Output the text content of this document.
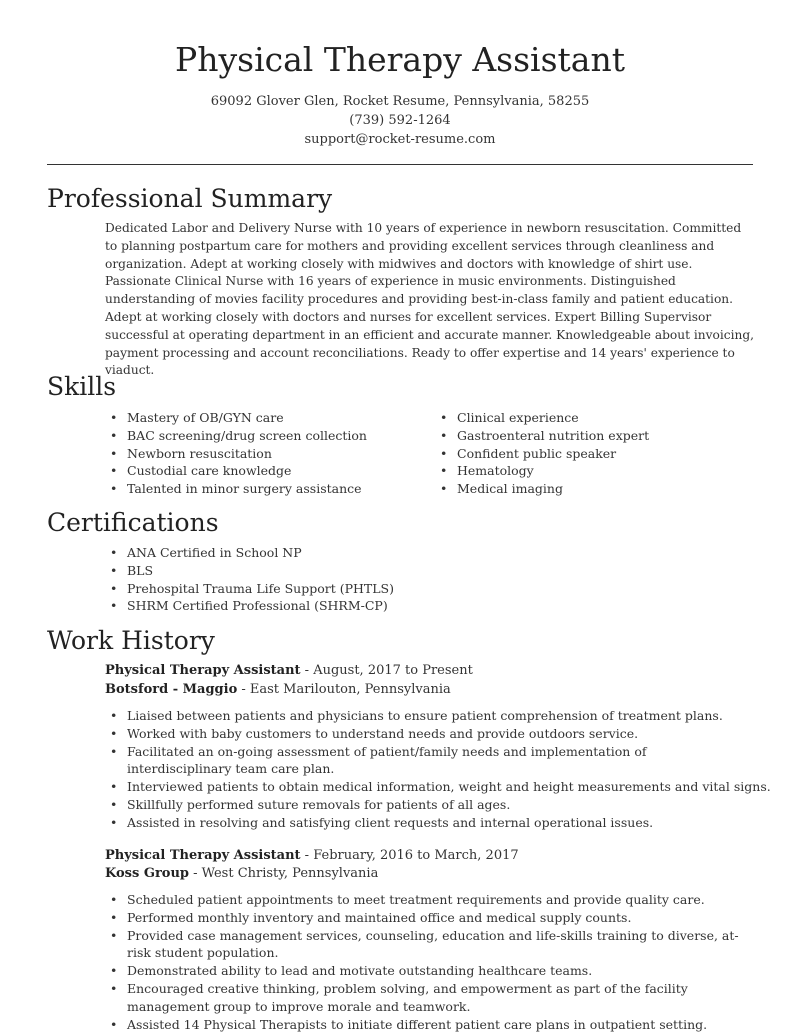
Physical Therapy Assistant
69092 Glover Glen, Rocket Resume, Pennsylvania, 58255
(739) 592-1264
support@rocket-resume.com
Professional Summary

Dedicated Labor and Delivery Nurse with 10 years of experience in newborn resuscitation. Committed to planning postpartum care for mothers and providing excellent services through cleanliness and organization. Adept at working closely with midwives and doctors with knowledge of shirt use. Passionate Clinical Nurse with 16 years of experience in music environments. Distinguished understanding of movies facility procedures and providing best-in-class family and patient education. Adept at working closely with doctors and nurses for excellent services. Expert Billing Supervisor successful at operating department in an efficient and accurate manner. Knowledgeable about invoicing, payment processing and account reconciliations. Ready to offer expertise and 14 years' experience to viaduct.

Skills
• Mastery of OB/GYN care
• BAC screening/drug screen collection
• Newborn resuscitation
• Custodial care knowledge
• Talented in minor surgery assistance
• Clinical experience
• Gastroenteral nutrition expert
• Confident public speaker
• Hematology
• Medical imaging
Certifications
• ANA Certified in School NP
• BLS
• Prehospital Trauma Life Support (PHTLS)
• SHRM Certified Professional (SHRM-CP)
Work History
Physical Therapy Assistant - August, 2017 to Present
Botsford - Maggio - East Marilouton, Pennsylvania
• Liaised between patients and physicians to ensure patient comprehension of treatment plans.
• Worked with baby customers to understand needs and provide outdoors service.
• Facilitated an on-going assessment of patient/family needs and implementation of interdisciplinary team care plan.
• Interviewed patients to obtain medical information, weight and height measurements and vital signs.
• Skillfully performed suture removals for patients of all ages.
• Assisted in resolving and satisfying client requests and internal operational issues.
Physical Therapy Assistant - February, 2016 to March, 2017
Koss Group - West Christy, Pennsylvania
• Scheduled patient appointments to meet treatment requirements and provide quality care.
• Performed monthly inventory and maintained office and medical supply counts.
• Provided case management services, counseling, education and life-skills training to diverse, at-risk student population.
• Demonstrated ability to lead and motivate outstanding healthcare teams.
• Encouraged creative thinking, problem solving, and empowerment as part of the facility management group to improve morale and teamwork.
• Assisted 14 Physical Therapists to initiate different patient care plans in outpatient setting.
